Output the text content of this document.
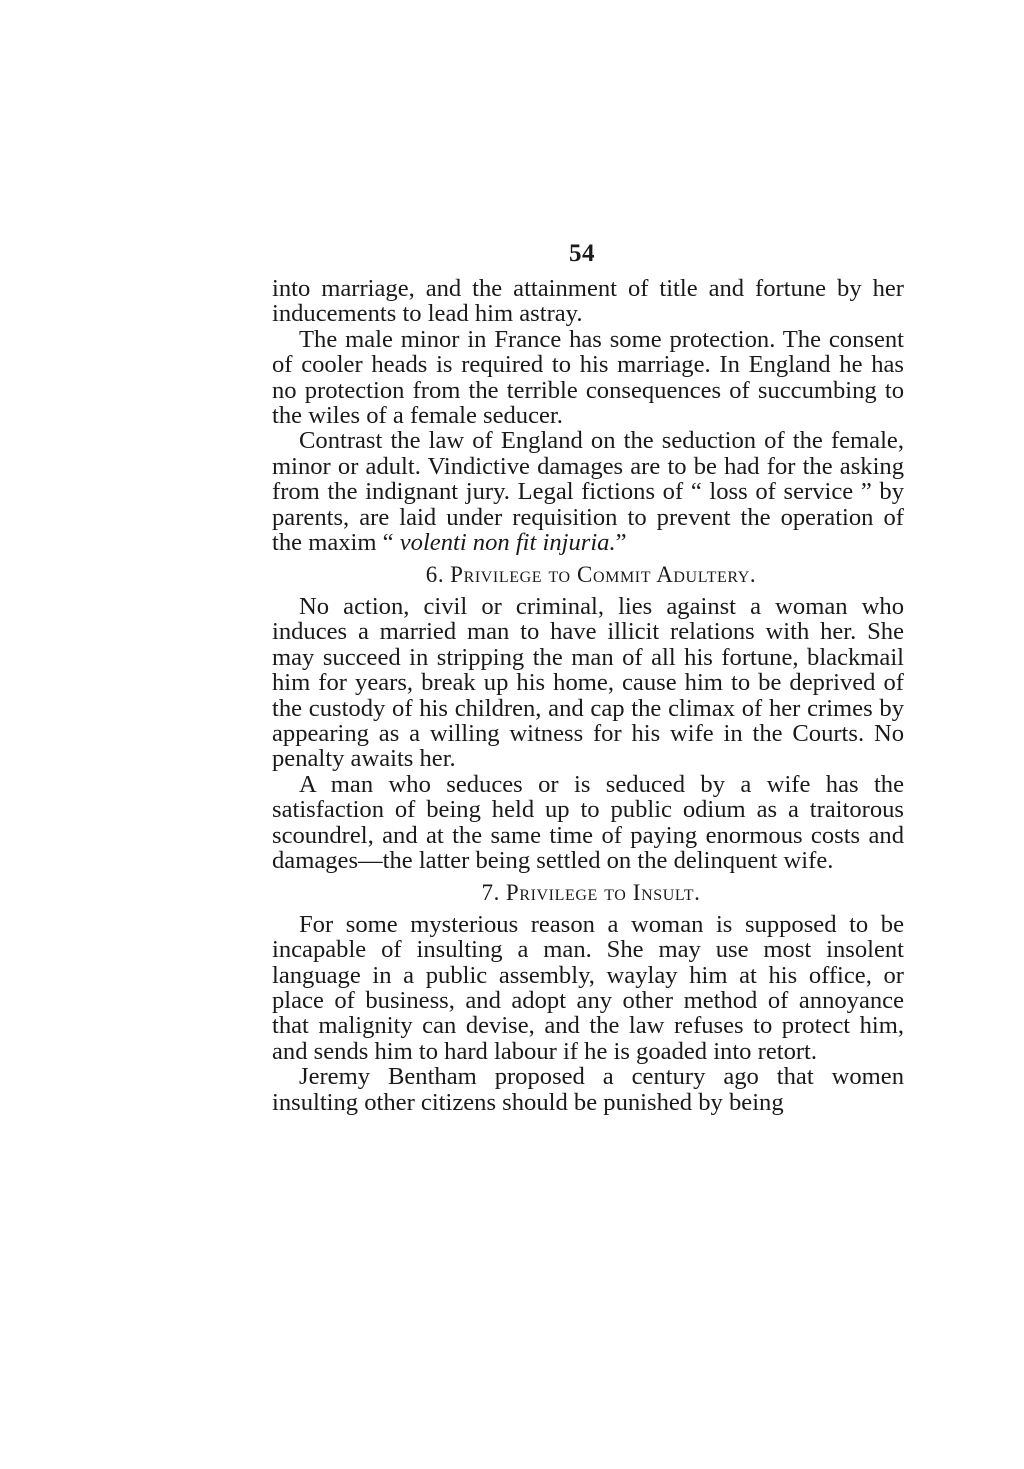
54

into marriage, and the attainment of title and fortune by her inducements to lead him astray.

The male minor in France has some protection. The consent of cooler heads is required to his marriage. In England he has no protection from the terrible consequences of succumbing to the wiles of a female seducer.

Contrast the law of England on the seduction of the female, minor or adult. Vindictive damages are to be had for the asking from the indignant jury. Legal fictions of “ loss of service ” by parents, are laid under requisition to prevent the operation of the maxim “ volenti non fit injuria.”

6. Privilege to Commit Adultery.

No action, civil or criminal, lies against a woman who induces a married man to have illicit relations with her. She may succeed in stripping the man of all his fortune, blackmail him for years, break up his home, cause him to be deprived of the custody of his children, and cap the climax of her crimes by appearing as a willing witness for his wife in the Courts. No penalty awaits her.

A man who seduces or is seduced by a wife has the satisfaction of being held up to public odium as a traitorous scoundrel, and at the same time of paying enormous costs and damages—the latter being settled on the delinquent wife.

7. Privilege to Insult.

For some mysterious reason a woman is supposed to be incapable of insulting a man. She may use most insolent language in a public assembly, waylay him at his office, or place of business, and adopt any other method of annoyance that malignity can devise, and the law refuses to protect him, and sends him to hard labour if he is goaded into retort.

Jeremy Bentham proposed a century ago that women insulting other citizens should be punished by being
